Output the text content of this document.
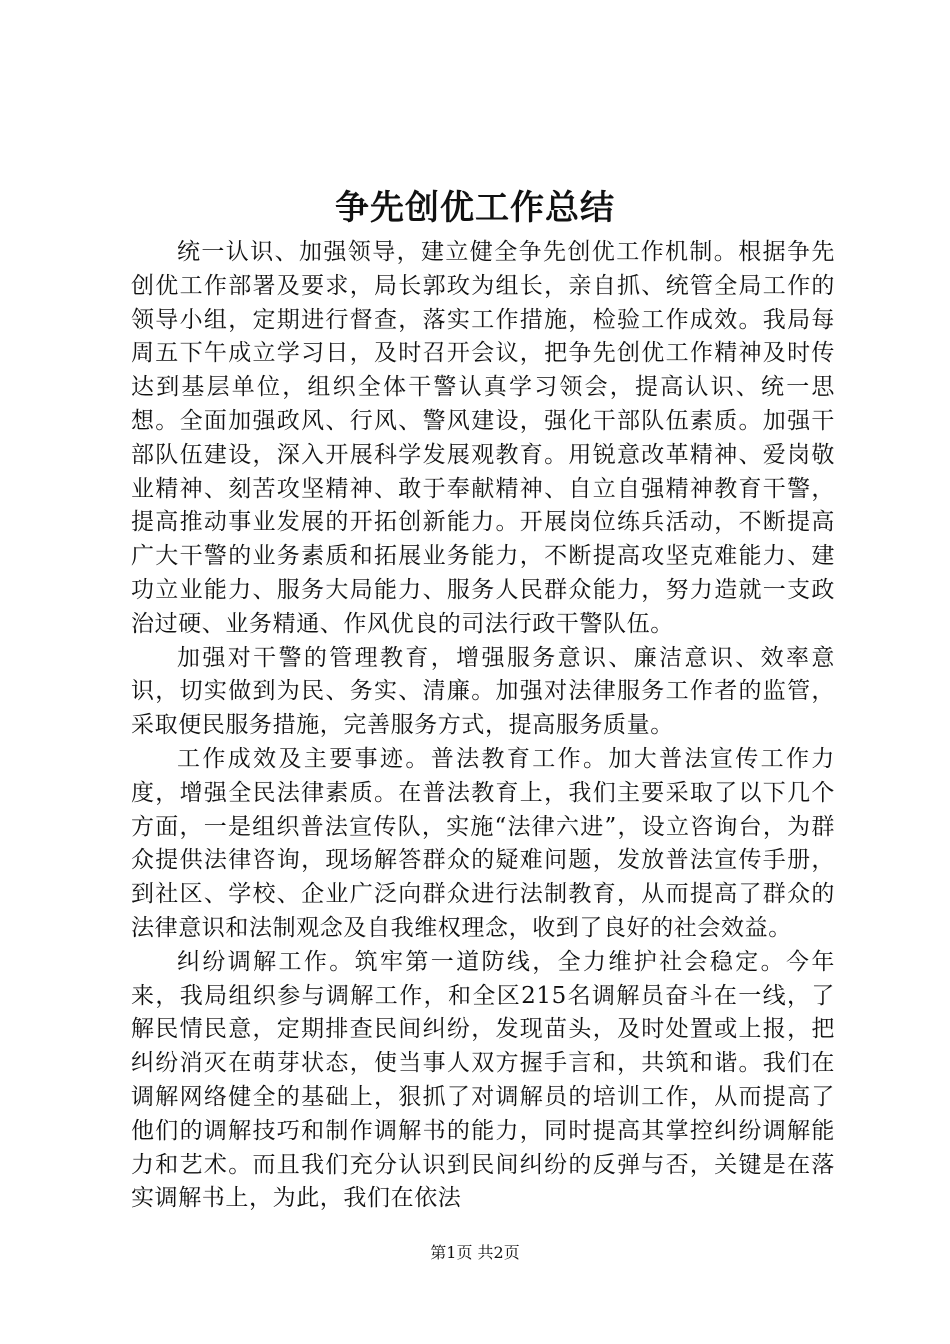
争先创优工作总结

统一认识、加强领导，建立健全争先创优工作机制。根据争先创优工作部署及要求，局长郭玫为组长，亲自抓、统管全局工作的领导小组，定期进行督查，落实工作措施，检验工作成效。我局每周五下午成立学习日，及时召开会议，把争先创优工作精神及时传达到基层单位，组织全体干警认真学习领会，提高认识、统一思想。全面加强政风、行风、警风建设，强化干部队伍素质。加强干部队伍建设，深入开展科学发展观教育。用锐意改革精神、爱岗敬业精神、刻苦攻坚精神、敢于奉献精神、自立自强精神教育干警，提高推动事业发展的开拓创新能力。开展岗位练兵活动，不断提高广大干警的业务素质和拓展业务能力，不断提高攻坚克难能力、建功立业能力、服务大局能力、服务人民群众能力，努力造就一支政治过硬、业务精通、作风优良的司法行政干警队伍。

加强对干警的管理教育，增强服务意识、廉洁意识、效率意识，切实做到为民、务实、清廉。加强对法律服务工作者的监管，采取便民服务措施，完善服务方式，提高服务质量。

工作成效及主要事迹。普法教育工作。加大普法宣传工作力度，增强全民法律素质。在普法教育上，我们主要采取了以下几个方面，一是组织普法宣传队，实施“法律六进”，设立咨询台，为群众提供法律咨询，现场解答群众的疑难问题，发放普法宣传手册，到社区、学校、企业广泛向群众进行法制教育，从而提高了群众的法律意识和法制观念及自我维权理念，收到了良好的社会效益。

纠纷调解工作。筑牢第一道防线，全力维护社会稳定。今年来，我局组织参与调解工作，和全区215名调解员奋斗在一线，了解民情民意，定期排查民间纠纷，发现苗头，及时处置或上报，把纠纷消灭在萌芽状态，使当事人双方握手言和，共筑和谐。我们在调解网络健全的基础上，狠抓了对调解员的培训工作，从而提高了他们的调解技巧和制作调解书的能力，同时提高其掌控纠纷调解能力和艺术。而且我们充分认识到民间纠纷的反弹与否，关键是在落实调解书上，为此，我们在依法

第1页 共2页
